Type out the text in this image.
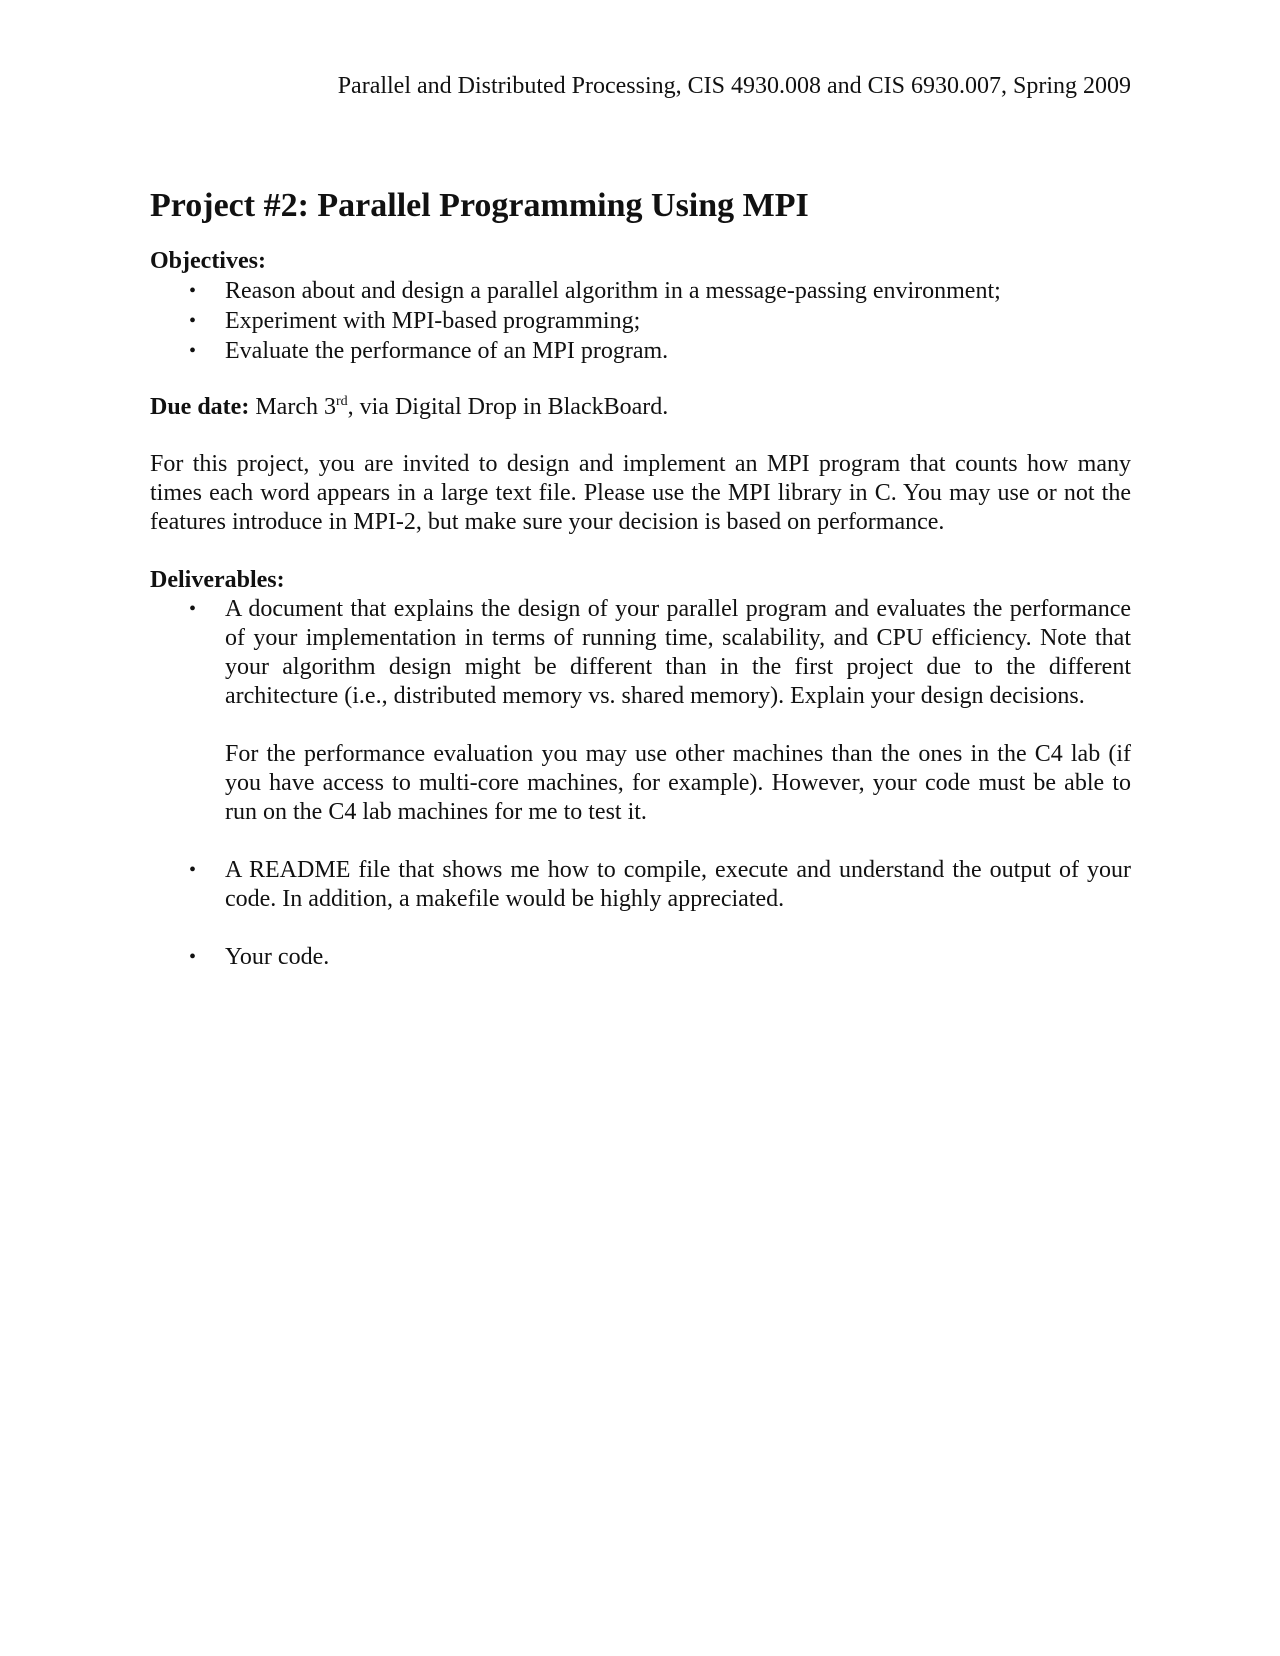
Parallel and Distributed Processing, CIS 4930.008 and CIS 6930.007, Spring 2009
Project #2: Parallel Programming Using MPI
Objectives:
• Reason about and design a parallel algorithm in a message-passing environment;
• Experiment with MPI-based programming;
• Evaluate the performance of an MPI program.
Due date: March 3rd, via Digital Drop in BlackBoard.
For this project, you are invited to design and implement an MPI program that counts how many times each word appears in a large text file. Please use the MPI library in C. You may use or not the features introduce in MPI-2, but make sure your decision is based on performance.
Deliverables:
• A document that explains the design of your parallel program and evaluates the performance of your implementation in terms of running time, scalability, and CPU efficiency. Note that your algorithm design might be different than in the first project due to the different architecture (i.e., distributed memory vs. shared memory). Explain your design decisions.
For the performance evaluation you may use other machines than the ones in the C4 lab (if you have access to multi-core machines, for example). However, your code must be able to run on the C4 lab machines for me to test it.
• A README file that shows me how to compile, execute and understand the output of your code. In addition, a makefile would be highly appreciated.
• Your code.
